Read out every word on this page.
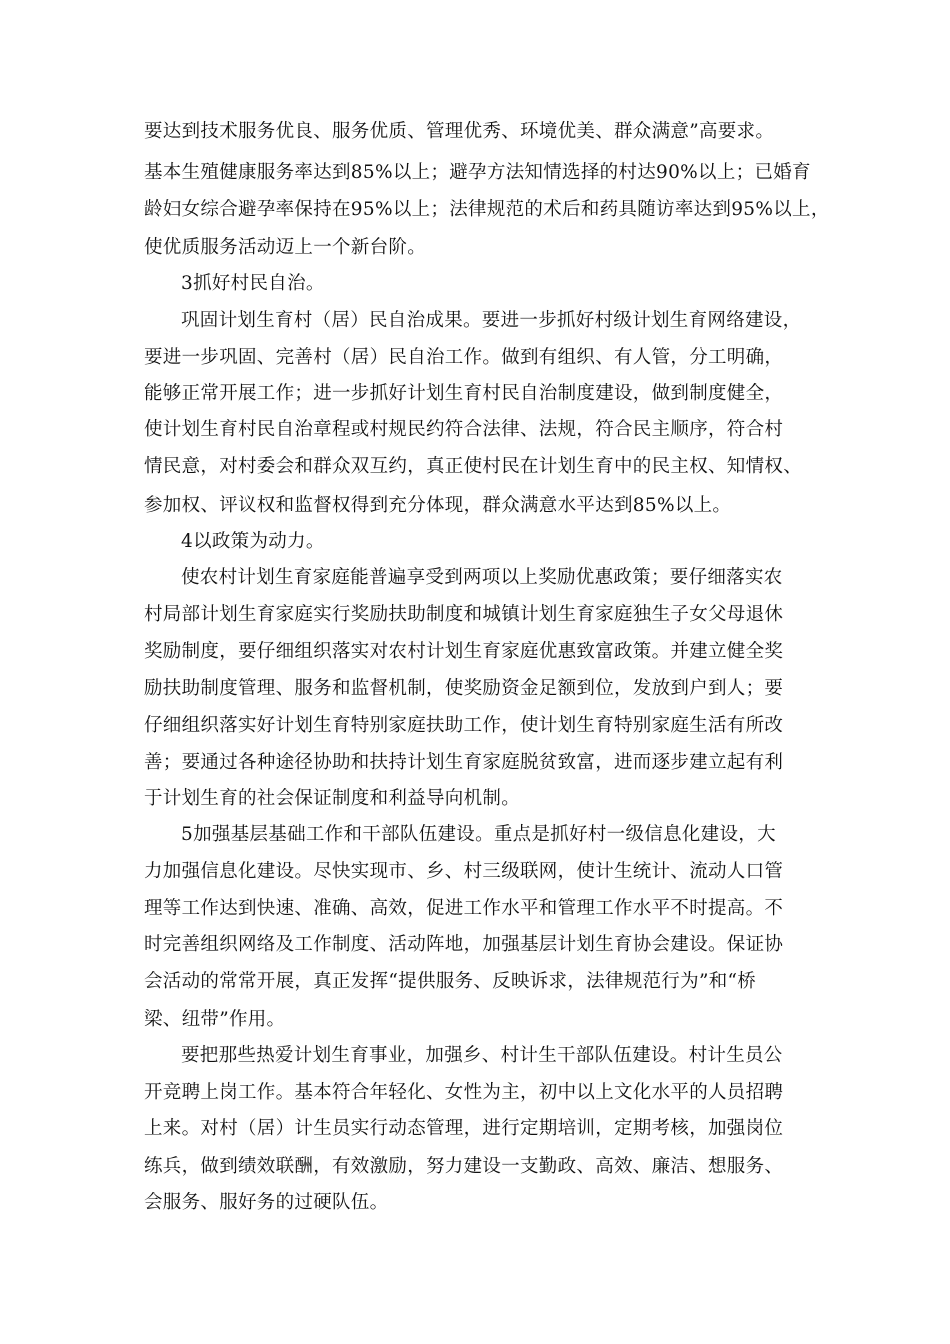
要达到技术服务优良、服务优质、管理优秀、环境优美、群众满意”高要求。
基本生殖健康服务率达到85%以上；避孕方法知情选择的村达90%以上；已婚育
龄妇女综合避孕率保持在95%以上；法律规范的术后和药具随访率达到95%以上，
使优质服务活动迈上一个新台阶。
3抓好村民自治。
巩固计划生育村（居）民自治成果。要进一步抓好村级计划生育网络建设，
要进一步巩固、完善村（居）民自治工作。做到有组织、有人管，分工明确，
能够正常开展工作；进一步抓好计划生育村民自治制度建设，做到制度健全，
使计划生育村民自治章程或村规民约符合法律、法规，符合民主顺序，符合村
情民意，对村委会和群众双互约，真正使村民在计划生育中的民主权、知情权、
参加权、评议权和监督权得到充分体现，群众满意水平达到85%以上。
4以政策为动力。
使农村计划生育家庭能普遍享受到两项以上奖励优惠政策；要仔细落实农
村局部计划生育家庭实行奖励扶助制度和城镇计划生育家庭独生子女父母退休
奖励制度，要仔细组织落实对农村计划生育家庭优惠致富政策。并建立健全奖
励扶助制度管理、服务和监督机制，使奖励资金足额到位，发放到户到人；要
仔细组织落实好计划生育特别家庭扶助工作，使计划生育特别家庭生活有所改
善；要通过各种途径协助和扶持计划生育家庭脱贫致富，进而逐步建立起有利
于计划生育的社会保证制度和利益导向机制。
5加强基层基础工作和干部队伍建设。重点是抓好村一级信息化建设，大
力加强信息化建设。尽快实现市、乡、村三级联网，使计生统计、流动人口管
理等工作达到快速、准确、高效，促进工作水平和管理工作水平不时提高。不
时完善组织网络及工作制度、活动阵地，加强基层计划生育协会建设。保证协
会活动的常常开展，真正发挥“提供服务、反映诉求，法律规范行为”和“桥
梁、纽带”作用。
要把那些热爱计划生育事业，加强乡、村计生干部队伍建设。村计生员公
开竞聘上岗工作。基本符合年轻化、女性为主，初中以上文化水平的人员招聘
上来。对村（居）计生员实行动态管理，进行定期培训，定期考核，加强岗位
练兵，做到绩效联酬，有效激励，努力建设一支勤政、高效、廉洁、想服务、
会服务、服好务的过硬队伍。
